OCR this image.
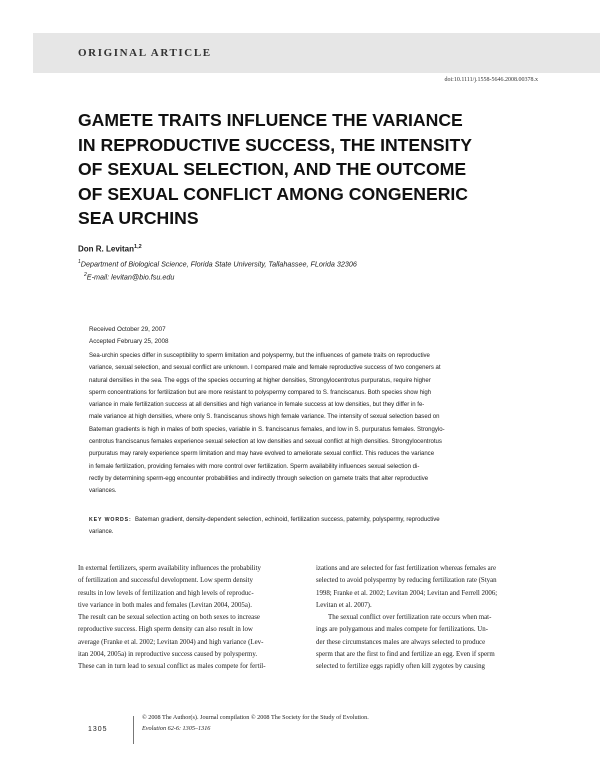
ORIGINAL ARTICLE
doi:10.1111/j.1558-5646.2008.00378.x
GAMETE TRAITS INFLUENCE THE VARIANCE
IN REPRODUCTIVE SUCCESS, THE INTENSITY
OF SEXUAL SELECTION, AND THE OUTCOME
OF SEXUAL CONFLICT AMONG CONGENERIC
SEA URCHINS
Don R. Levitan$^{1,2}$
$^1$Department of Biological Science, Florida State University, Tallahassee, FLorida 32306
$^2$E-mail: levitan@bio.fsu.edu
Received October 29, 2007
Accepted February 25, 2008
Sea-urchin species differ in susceptibility to sperm limitation and polyspermy, but the influences of gamete traits on reproductive
variance, sexual selection, and sexual conflict are unknown. I compared male and female reproductive success of two congeners at
natural densities in the sea. The eggs of the species occurring at higher densities, Strongylocentrotus purpuratus, require higher
sperm concentrations for fertilization but are more resistant to polyspermy compared to S. franciscanus. Both species show high
variance in male fertilization success at all densities and high variance in female success at low densities, but they differ in fe-
male variance at high densities, where only S. franciscanus shows high female variance. The intensity of sexual selection based on
Bateman gradients is high in males of both species, variable in S. franciscanus females, and low in S. purpuratus females. Strongylo-
centrotus franciscanus females experience sexual selection at low densities and sexual conflict at high densities. Strongylocentrotus
purpuratus may rarely experience sperm limitation and may have evolved to ameliorate sexual conflict. This reduces the variance
in female fertilization, providing females with more control over fertilization. Sperm availability influences sexual selection di-
rectly by determining sperm-egg encounter probabilities and indirectly through selection on gamete traits that alter reproductive
variances.
KEY WORDS: Bateman gradient, density-dependent selection, echinoid, fertilization success, paternity, polyspermy, reproductive
variance.
In external fertilizers, sperm availability influences the probability
of fertilization and successful development. Low sperm density
results in low levels of fertilization and high levels of reproduc-
tive variance in both males and females (Levitan 2004, 2005a).
The result can be sexual selection acting on both sexes to increase
reproductive success. High sperm density can also result in low
average (Franke et al. 2002; Levitan 2004) and high variance (Lev-
itan 2004, 2005a) in reproductive success caused by polyspermy.
These can in turn lead to sexual conflict as males compete for fertil-
izations and are selected for fast fertilization whereas females are
selected to avoid polyspermy by reducing fertilization rate (Styan
1998; Franke et al. 2002; Levitan 2004; Levitan and Ferrell 2006;
Levitan et al. 2007).
The sexual conflict over fertilization rate occurs when mat-
ings are polygamous and males compete for fertilizations. Un-
der these circumstances males are always selected to produce
sperm that are the first to find and fertilize an egg. Even if sperm
selected to fertilize eggs rapidly often kill zygotes by causing
1305
© 2008 The Author(s). Journal compilation © 2008 The Society for the Study of Evolution.
Evolution 62-6: 1305–1316
